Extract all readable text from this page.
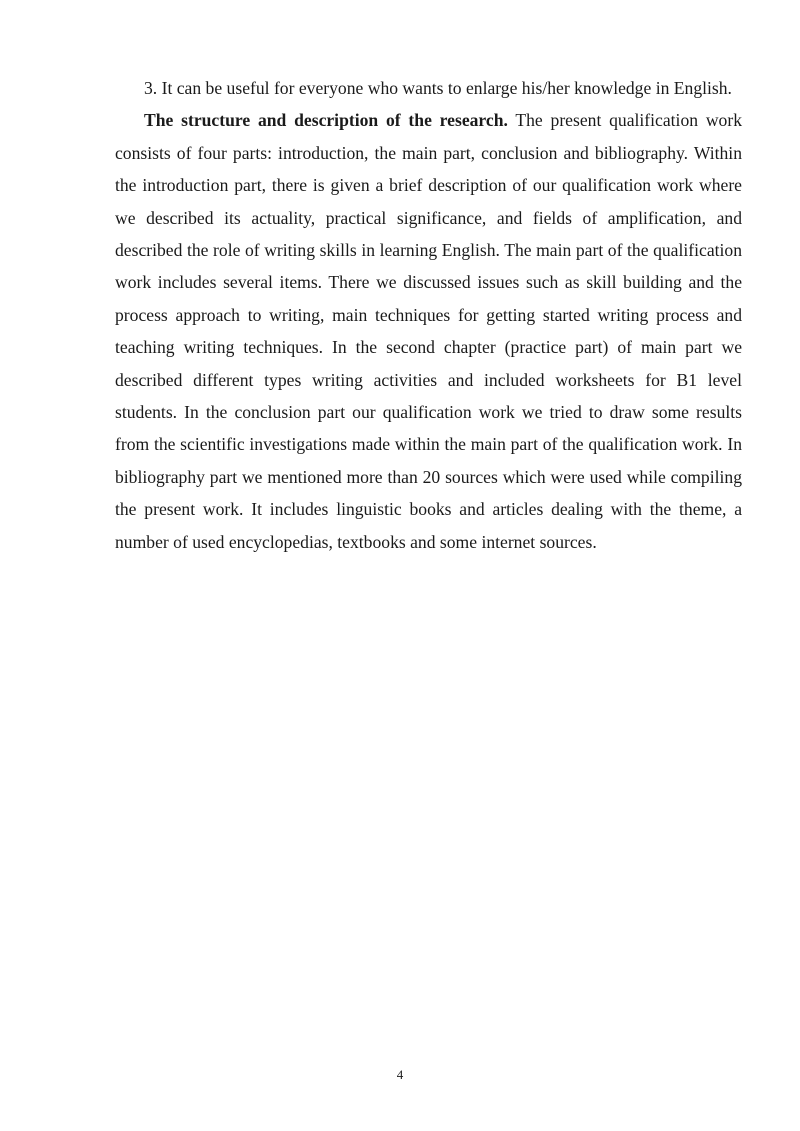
3. It can be useful for everyone who wants to enlarge his/her knowledge in English.

The structure and description of the research. The present qualification work consists of four parts: introduction, the main part, conclusion and bibliography. Within the introduction part, there is given a brief description of our qualification work where we described its actuality, practical significance, and fields of amplification, and described the role of writing skills in learning English. The main part of the qualification work includes several items. There we discussed issues such as skill building and the process approach to writing, main techniques for getting started writing process and teaching writing techniques. In the second chapter (practice part) of main part we described different types writing activities and included worksheets for B1 level students. In the conclusion part our qualification work we tried to draw some results from the scientific investigations made within the main part of the qualification work. In bibliography part we mentioned more than 20 sources which were used while compiling the present work. It includes linguistic books and articles dealing with the theme, a number of used encyclopedias, textbooks and some internet sources.

4
